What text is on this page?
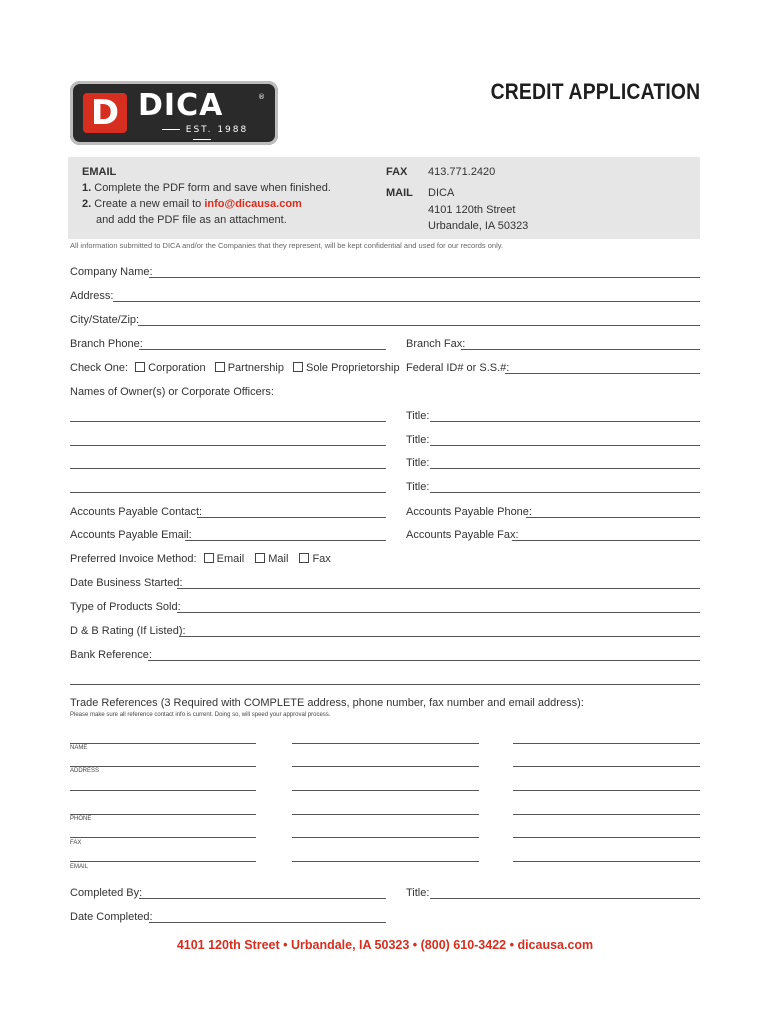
D DICA	®
EST. 1988
CREDIT APPLICATION
EMAIL
1. Complete the PDF form and save when finished.
2. Create a new email to info@dicausa.com
and add the PDF file as an attachment.
FAX 413.771.2420
MAIL DICA
4101 120th Street
Urbandale, IA 50323
All information submitted to DICA and/or the Companies that they represent, will be kept confidential and used for our records only.
Company Name:
Address:
City/State/Zip:
Branch Phone:	Branch Fax:
Check One: Corporation Partnership Sole Proprietorship Federal ID# or S.S.#:
Names of Owner(s) or Corporate Officers:
Title:
Title:
Title:
Title:
Accounts Payable Contact:	Accounts Payable Phone:
Accounts Payable Email:	Accounts Payable Fax:
Preferred Invoice Method: Email Mail Fax
Date Business Started:
Type of Products Sold:
D & B Rating (If Listed):
Bank Reference:
Trade References (3 Required with COMPLETE address, phone number, fax number and email address):
Please make sure all reference contact info is current. Doing so, will speed your approval process.
NAME
ADDRESS
PHONE
FAX
EMAIL
Completed By:	Title:
Date Completed:
4101 120th Street • Urbandale, IA 50323 • (800) 610-3422 • dicausa.com
